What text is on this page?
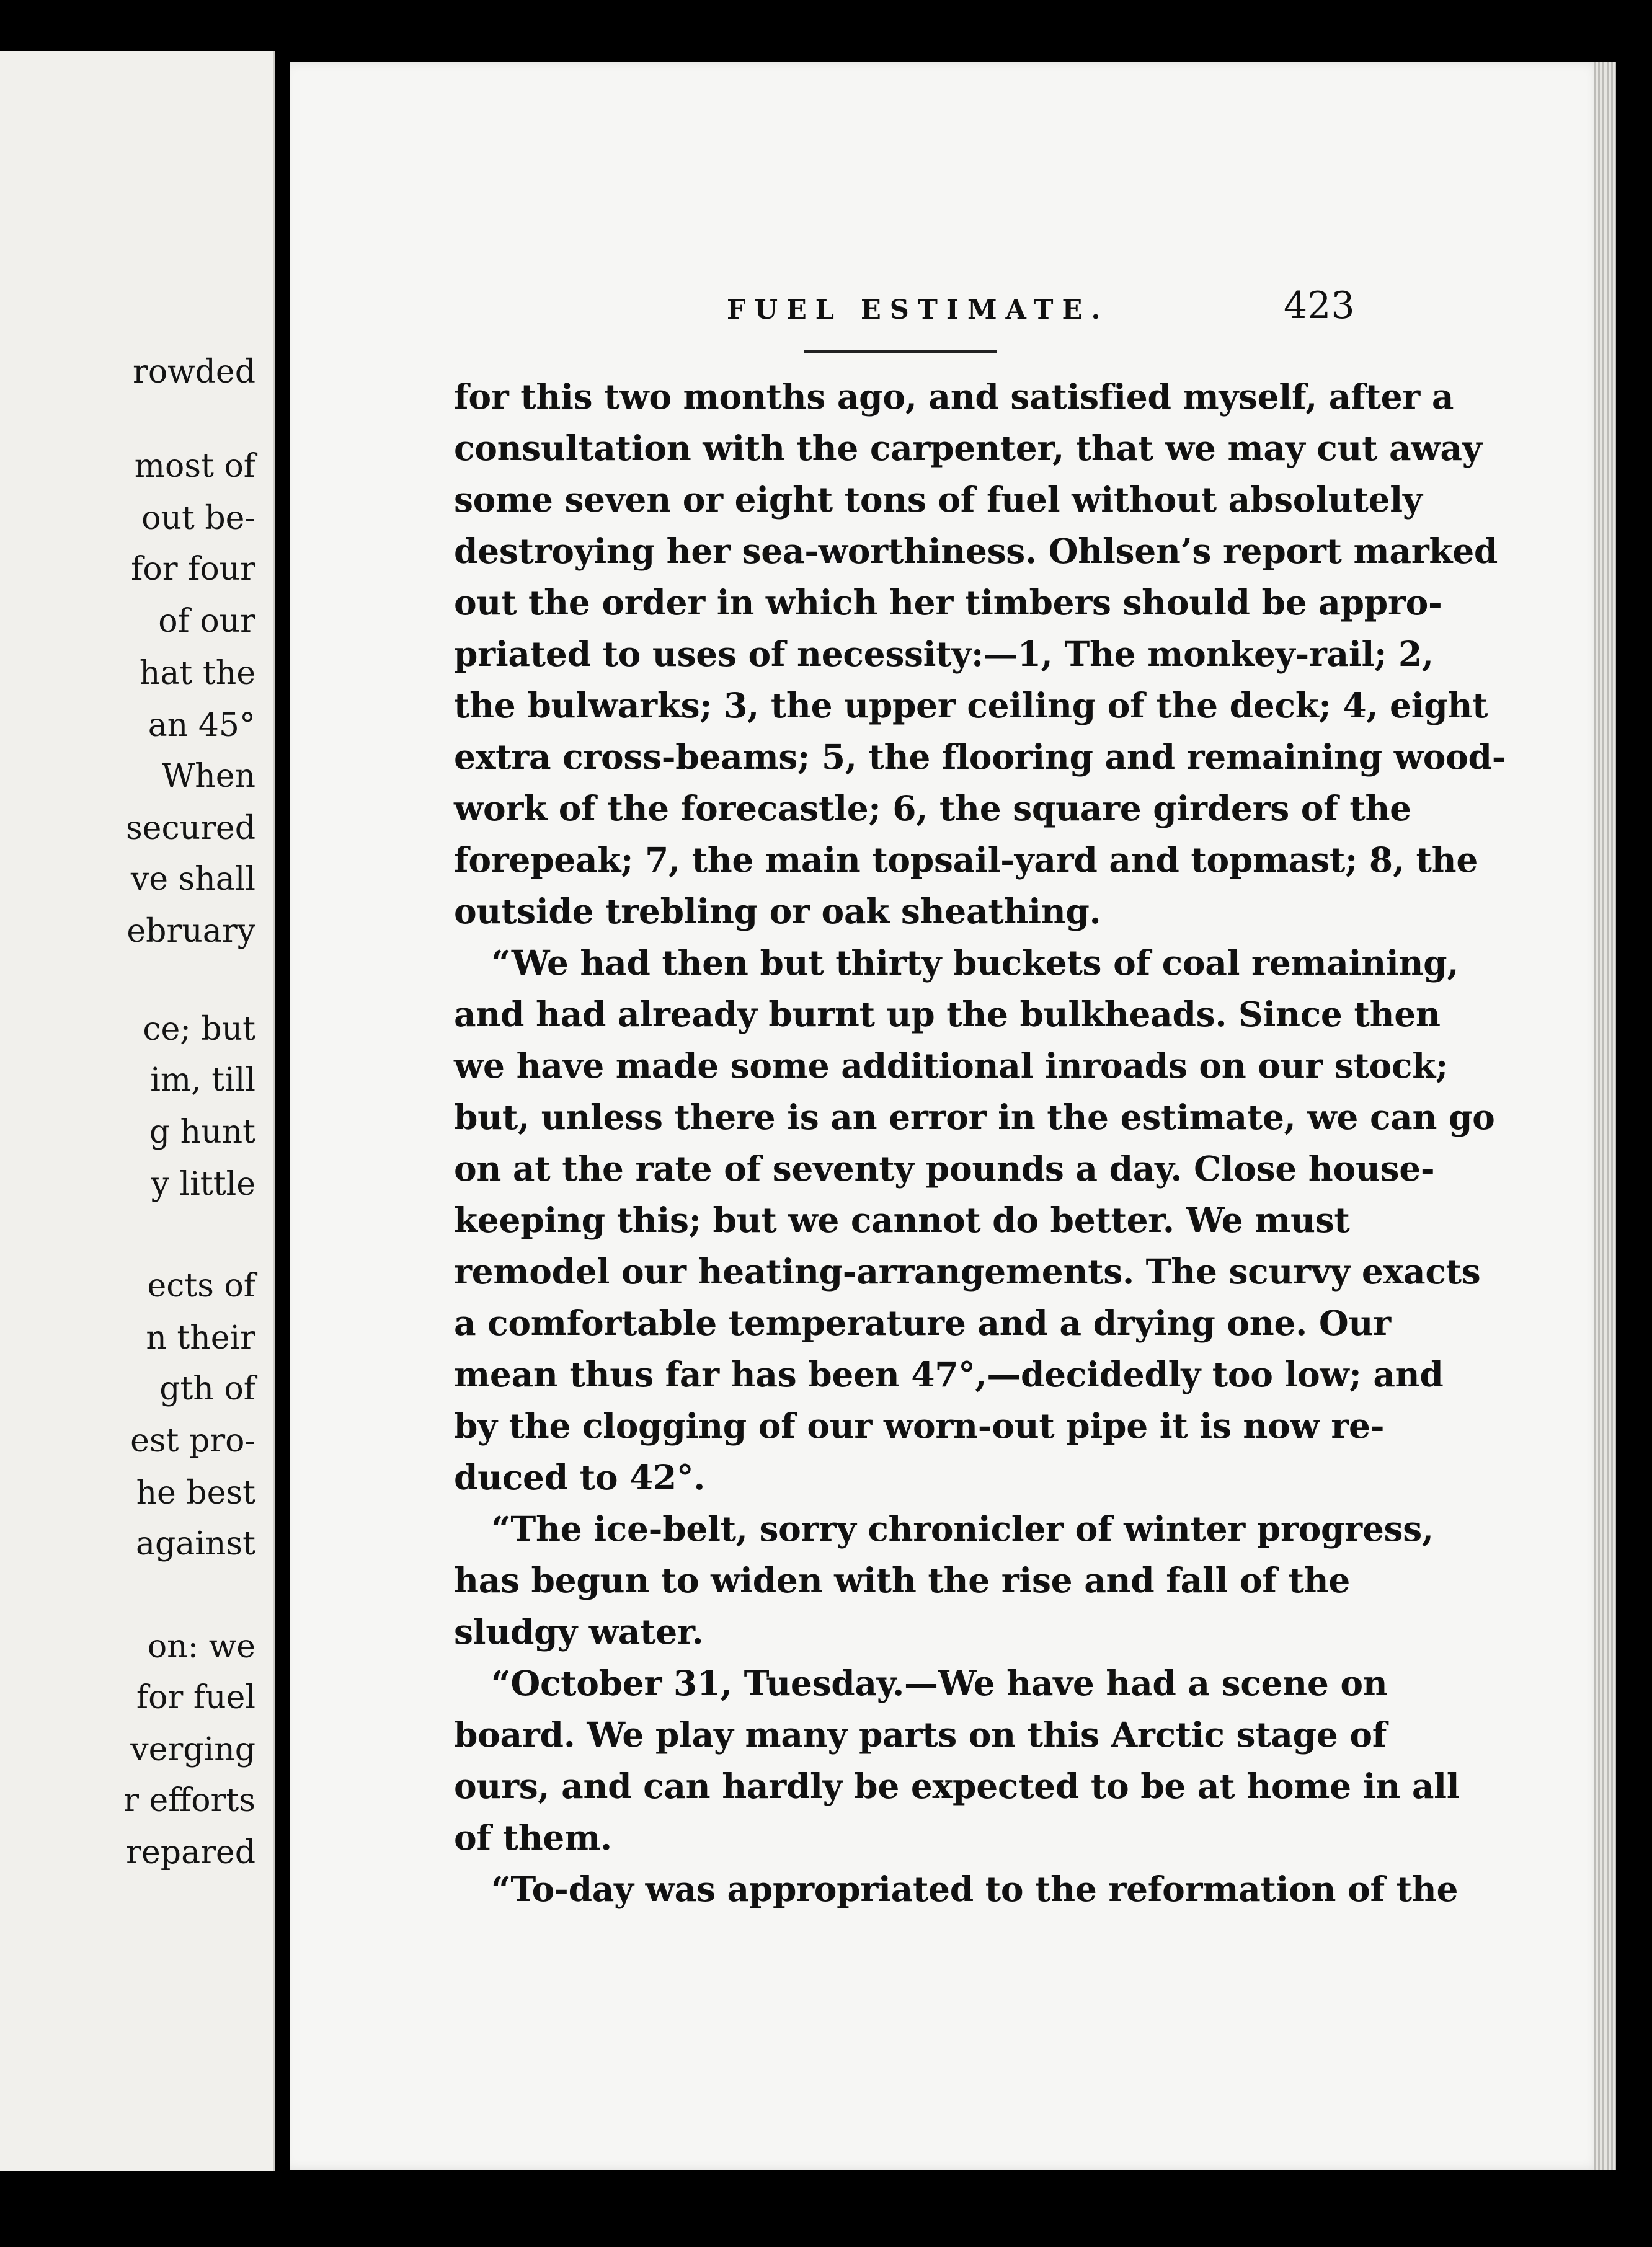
rowded
most of
out be-
for four
of our
hat the
an 45°
When
secured
ve shall
ebruary
ce; but
im, till
g hunt
y little
ects of
n their
gth of
est pro-
he best
against
on: we
for fuel
verging
r efforts
repared
FUEL ESTIMATE.	423
for this two months ago, and satisfied myself, after a
consultation with the carpenter, that we may cut away
some seven or eight tons of fuel without absolutely
destroying her sea-worthiness. Ohlsen’s report marked
out the order in which her timbers should be appro-
priated to uses of necessity:—1, The monkey-rail; 2,
the bulwarks; 3, the upper ceiling of the deck; 4, eight
extra cross-beams; 5, the flooring and remaining wood-
work of the forecastle; 6, the square girders of the
forepeak; 7, the main topsail-yard and topmast; 8, the
outside trebling or oak sheathing.
“We had then but thirty buckets of coal remaining,
and had already burnt up the bulkheads. Since then
we have made some additional inroads on our stock;
but, unless there is an error in the estimate, we can go
on at the rate of seventy pounds a day. Close house-
keeping this; but we cannot do better. We must
remodel our heating-arrangements. The scurvy exacts
a comfortable temperature and a drying one. Our
mean thus far has been 47°,—decidedly too low; and
by the clogging of our worn-out pipe it is now re-
duced to 42°.
“The ice-belt, sorry chronicler of winter progress,
has begun to widen with the rise and fall of the
sludgy water.
“October 31, Tuesday.—We have had a scene on
board. We play many parts on this Arctic stage of
ours, and can hardly be expected to be at home in all
of them.
“To-day was appropriated to the reformation of the
